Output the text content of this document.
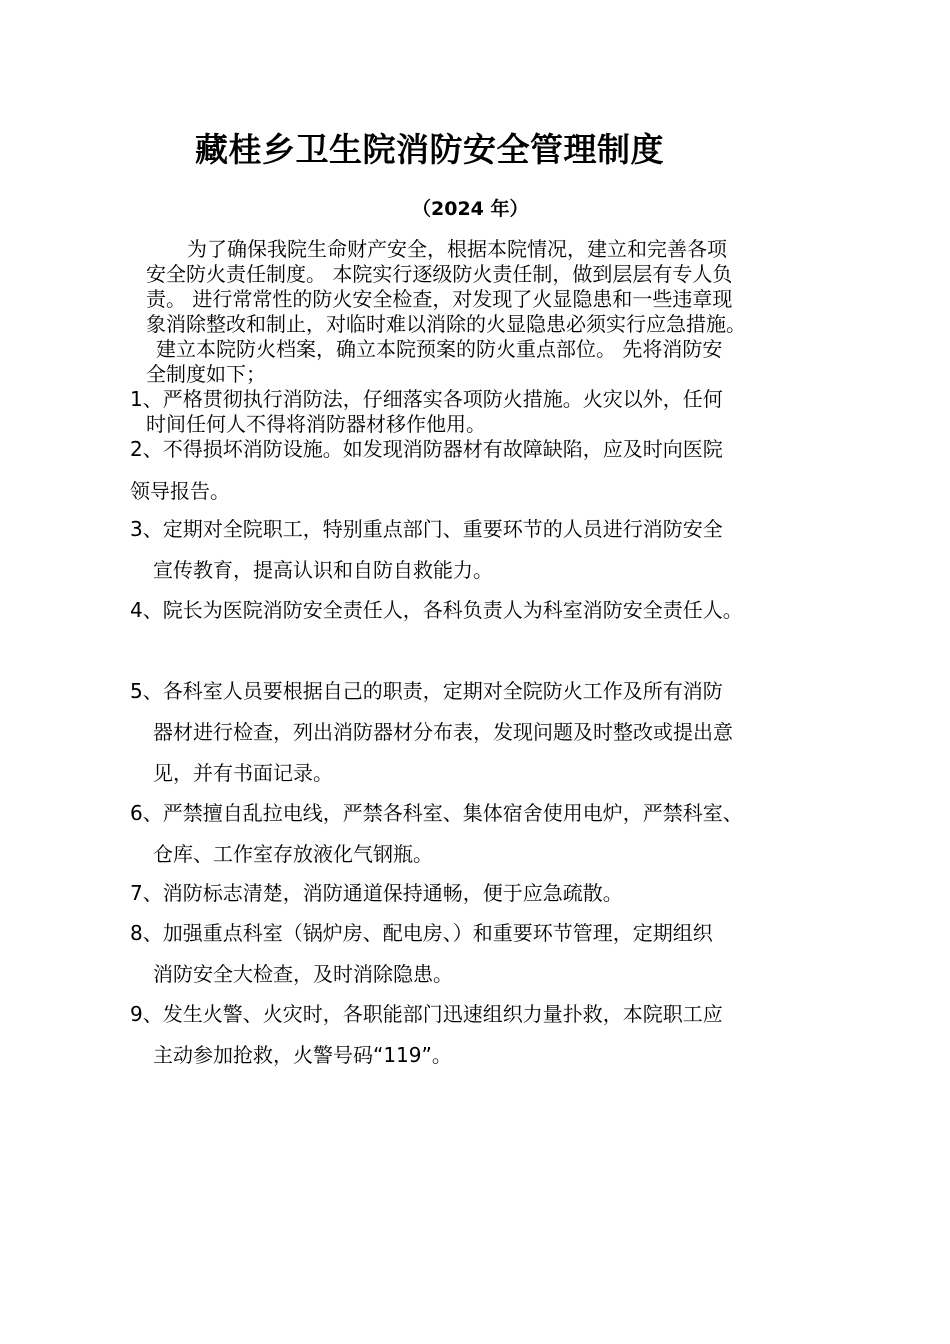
藏桂乡卫生院消防安全管理制度
（2024 年）
为了确保我院生命财产安全，根据本院情况，建立和完善各项
安全防火责任制度。 本院实行逐级防火责任制，做到层层有专人负
责。 进行常常性的防火安全检查，对发现了火显隐患和一些违章现
象消除整改和制止，对临时难以消除的火显隐患必须实行应急措施。
建立本院防火档案，确立本院预案的防火重点部位。 先将消防安
全制度如下；
1、严格贯彻执行消防法，仔细落实各项防火措施。火灾以外，任何
时间任何人不得将消防器材移作他用。
2、不得损坏消防设施。如发现消防器材有故障缺陷，应及时向医院
领导报告。
3、定期对全院职工，特别重点部门、重要环节的人员进行消防安全
宣传教育，提高认识和自防自救能力。
4、院长为医院消防安全责任人，各科负责人为科室消防安全责任人。
5、各科室人员要根据自己的职责，定期对全院防火工作及所有消防
器材进行检查，列出消防器材分布表，发现问题及时整改或提出意
见，并有书面记录。
6、严禁擅自乱拉电线，严禁各科室、集体宿舍使用电炉，严禁科室、
仓库、工作室存放液化气钢瓶。
7、消防标志清楚，消防通道保持通畅，便于应急疏散。
8、加强重点科室（锅炉房、配电房、）和重要环节管理，定期组织
消防安全大检查，及时消除隐患。
9、发生火警、火灾时，各职能部门迅速组织力量扑救，本院职工应
主动参加抢救，火警号码“119”。
